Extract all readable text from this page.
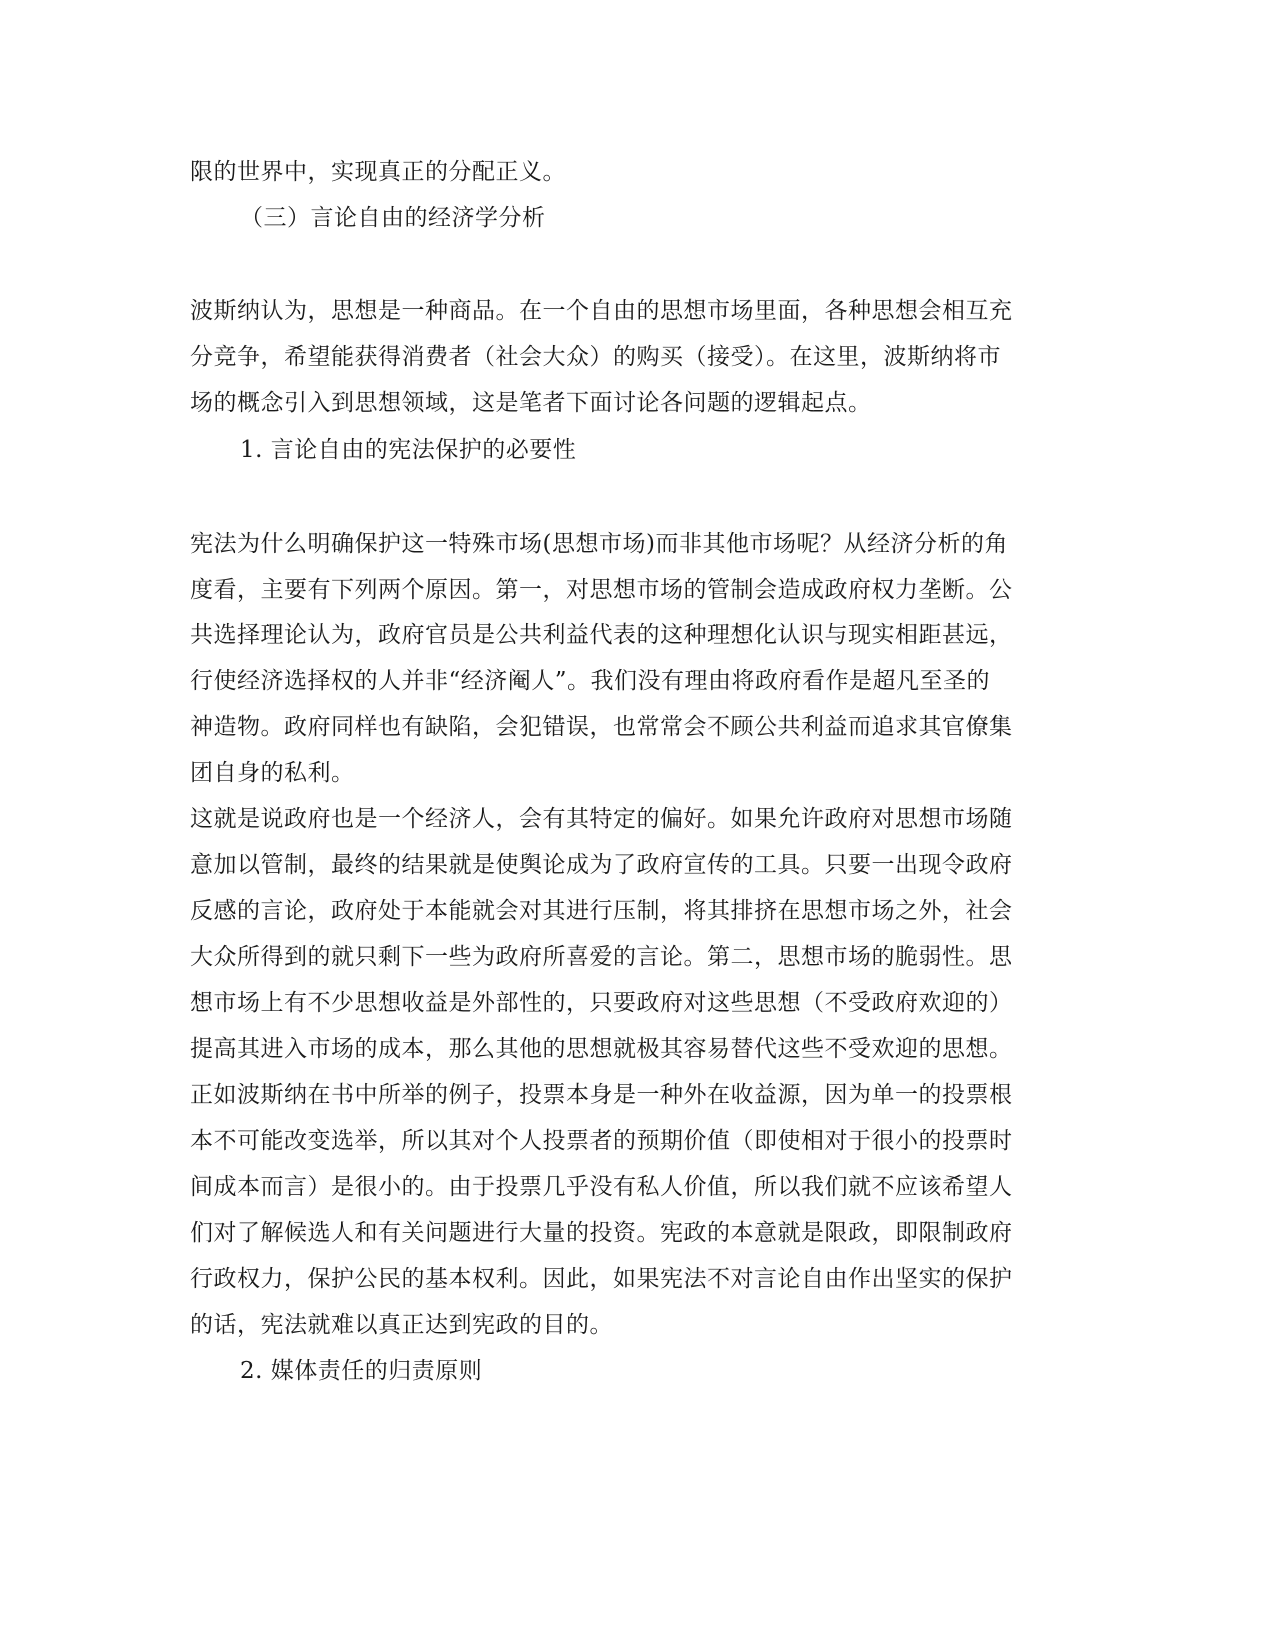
限的世界中，实现真正的分配正义。
（三）言论自由的经济学分析
波斯纳认为，思想是一种商品。在一个自由的思想市场里面，各种思想会相互充
分竞争，希望能获得消费者（社会大众）的购买（接受）。在这里，波斯纳将市
场的概念引入到思想领域，这是笔者下面讨论各问题的逻辑起点。
1. 言论自由的宪法保护的必要性
宪法为什么明确保护这一特殊市场(思想市场)而非其他市场呢？从经济分析的角
度看，主要有下列两个原因。第一，对思想市场的管制会造成政府权力垄断。公
共选择理论认为，政府官员是公共利益代表的这种理想化认识与现实相距甚远，
行使经济选择权的人并非“经济阉人”。我们没有理由将政府看作是超凡至圣的
神造物。政府同样也有缺陷，会犯错误，也常常会不顾公共利益而追求其官僚集
团自身的私利。
这就是说政府也是一个经济人，会有其特定的偏好。如果允许政府对思想市场随
意加以管制，最终的结果就是使舆论成为了政府宣传的工具。只要一出现令政府
反感的言论，政府处于本能就会对其进行压制，将其排挤在思想市场之外，社会
大众所得到的就只剩下一些为政府所喜爱的言论。第二，思想市场的脆弱性。思
想市场上有不少思想收益是外部性的，只要政府对这些思想（不受政府欢迎的）
提高其进入市场的成本，那么其他的思想就极其容易替代这些不受欢迎的思想。
正如波斯纳在书中所举的例子，投票本身是一种外在收益源，因为单一的投票根
本不可能改变选举，所以其对个人投票者的预期价值（即使相对于很小的投票时
间成本而言）是很小的。由于投票几乎没有私人价值，所以我们就不应该希望人
们对了解候选人和有关问题进行大量的投资。宪政的本意就是限政，即限制政府
行政权力，保护公民的基本权利。因此，如果宪法不对言论自由作出坚实的保护
的话，宪法就难以真正达到宪政的目的。
2. 媒体责任的归责原则
